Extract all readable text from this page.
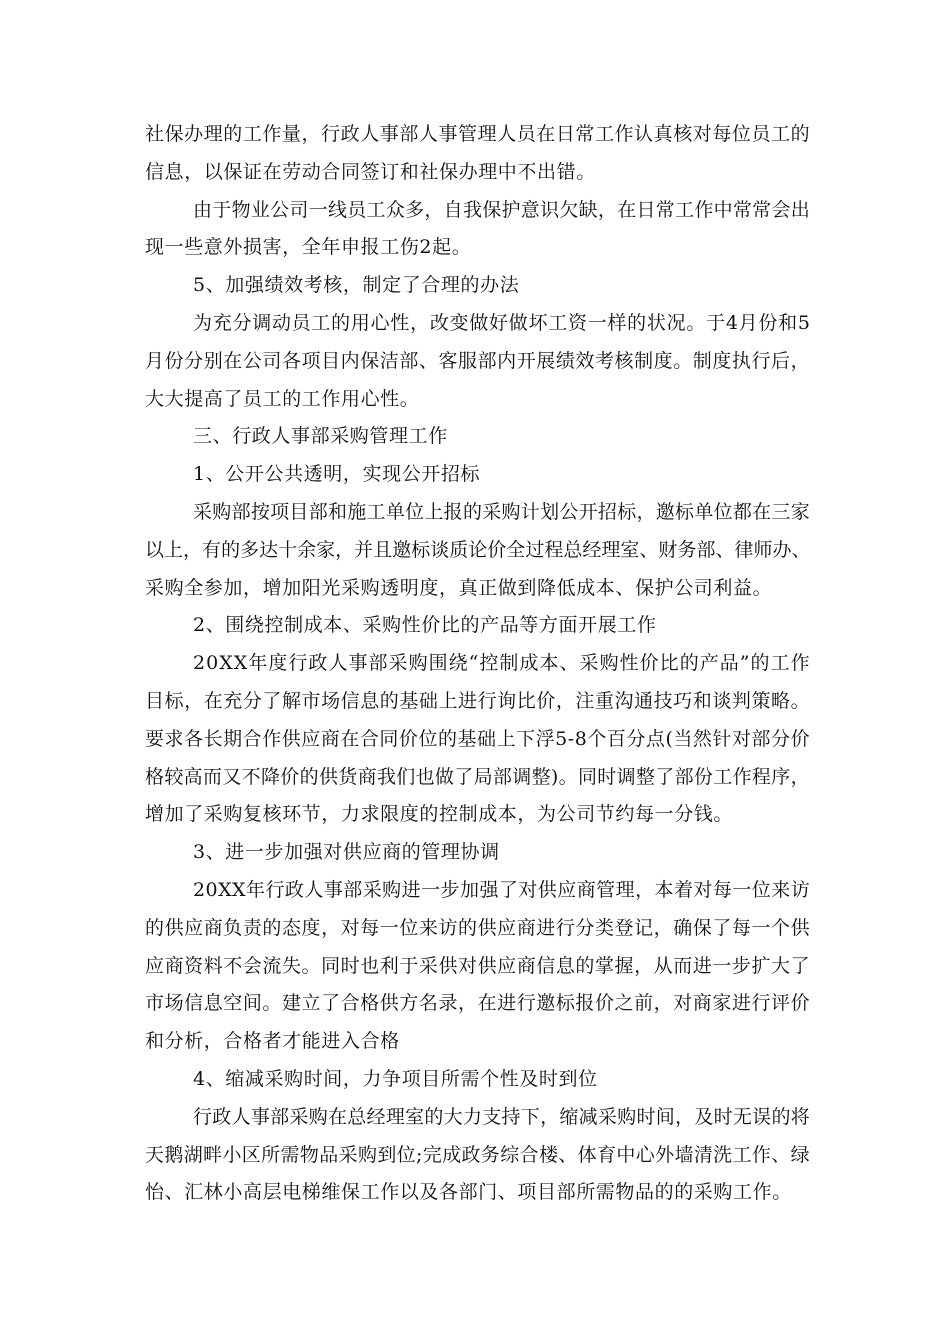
社 保 办 理 的 工 作 量 ， 行 政 人 事 部 人 事 管 理 人 员 在 日 常 工 作 认 真 核 对 每 位 员 工 的
信息，以保证在劳动合同签订和社保办理中不出错。
由 于 物 业 公 司 一 线 员 工 众 多 ， 自 我 保 护 意 识 欠 缺 ， 在 日 常 工 作 中 常 常 会 出
现一些意外损害，全年申报工伤2起。
5、加强绩效考核，制定了合理的办法
为 充 分 调 动 员 工 的 用 心 性 ， 改 变 做 好 做 坏 工 资 一 样 的 状 况 。 于 4 月 份 和 5
月 份 分 别 在 公 司 各 项 目 内 保 洁 部 、 客 服 部 内 开 展 绩 效 考 核 制 度 。 制 度 执 行 后 ，
大大提高了员工的工作用心性。
三、行政人事部采购管理工作
1、公开公共透明，实现公开招标
采 购 部 按 项 目 部 和 施 工 单 位 上 报 的 采 购 计 划 公 开 招 标 ， 邀 标 单 位 都 在 三 家
以 上 ， 有 的 多 达 十 余 家 ， 并 且 邀 标 谈 质 论 价 全 过 程 总 经 理 室 、 财 务 部 、 律 师 办 、
采购全参加，增加阳光采购透明度，真正做到降低成本、保护公司利益。
2、围绕控制成本、采购性价比的产品等方面开展工作
2 0 X X 年 度 行 政 人 事 部 采 购 围 绕 “ 控 制 成 本 、 采 购 性 价 比 的 产 品 ” 的 工 作
目 标 ， 在 充 分 了 解 市 场 信 息 的 基 础 上 进 行 询 比 价 ， 注 重 沟 通 技 巧 和 谈 判 策 略 。
要 求 各 长 期 合 作 供 应 商 在 合 同 价 位 的 基 础 上 下 浮 5 - 8 个 百 分 点 ( 当 然 针 对 部 分 价
格 较 高 而 又 不 降 价 的 供 货 商 我 们 也 做 了 局 部 调 整 ) 。 同 时 调 整 了 部 份 工 作 程 序 ，
增加了采购复核环节，力求限度的控制成本，为公司节约每一分钱。
3、进一步加强对供应商的管理协调
2 0 X X 年 行 政 人 事 部 采 购 进 一 步 加 强 了 对 供 应 商 管 理 ， 本 着 对 每 一 位 来 访
的 供 应 商 负 责 的 态 度 ， 对 每 一 位 来 访 的 供 应 商 进 行 分 类 登 记 ， 确 保 了 每 一 个 供
应 商 资 料 不 会 流 失 。 同 时 也 利 于 采 供 对 供 应 商 信 息 的 掌 握 ， 从 而 进 一 步 扩 大 了
市 场 信 息 空 间 。 建 立 了 合 格 供 方 名 录 ， 在 进 行 邀 标 报 价 之 前 ， 对 商 家 进 行 评 价
和分析，合格者才能进入合格
4、缩减采购时间，力争项目所需个性及时到位
行 政 人 事 部 采 购 在 总 经 理 室 的 大 力 支 持 下 ， 缩 减 采 购 时 间 ， 及 时 无 误 的 将
天 鹅 湖 畔 小 区 所 需 物 品 采 购 到 位 ; 完 成 政 务 综 合 楼 、 体 育 中 心 外 墙 清 洗 工 作 、 绿
怡、汇林小高层电梯维保工作以及各部门、项目部所需物品的的采购工作。
